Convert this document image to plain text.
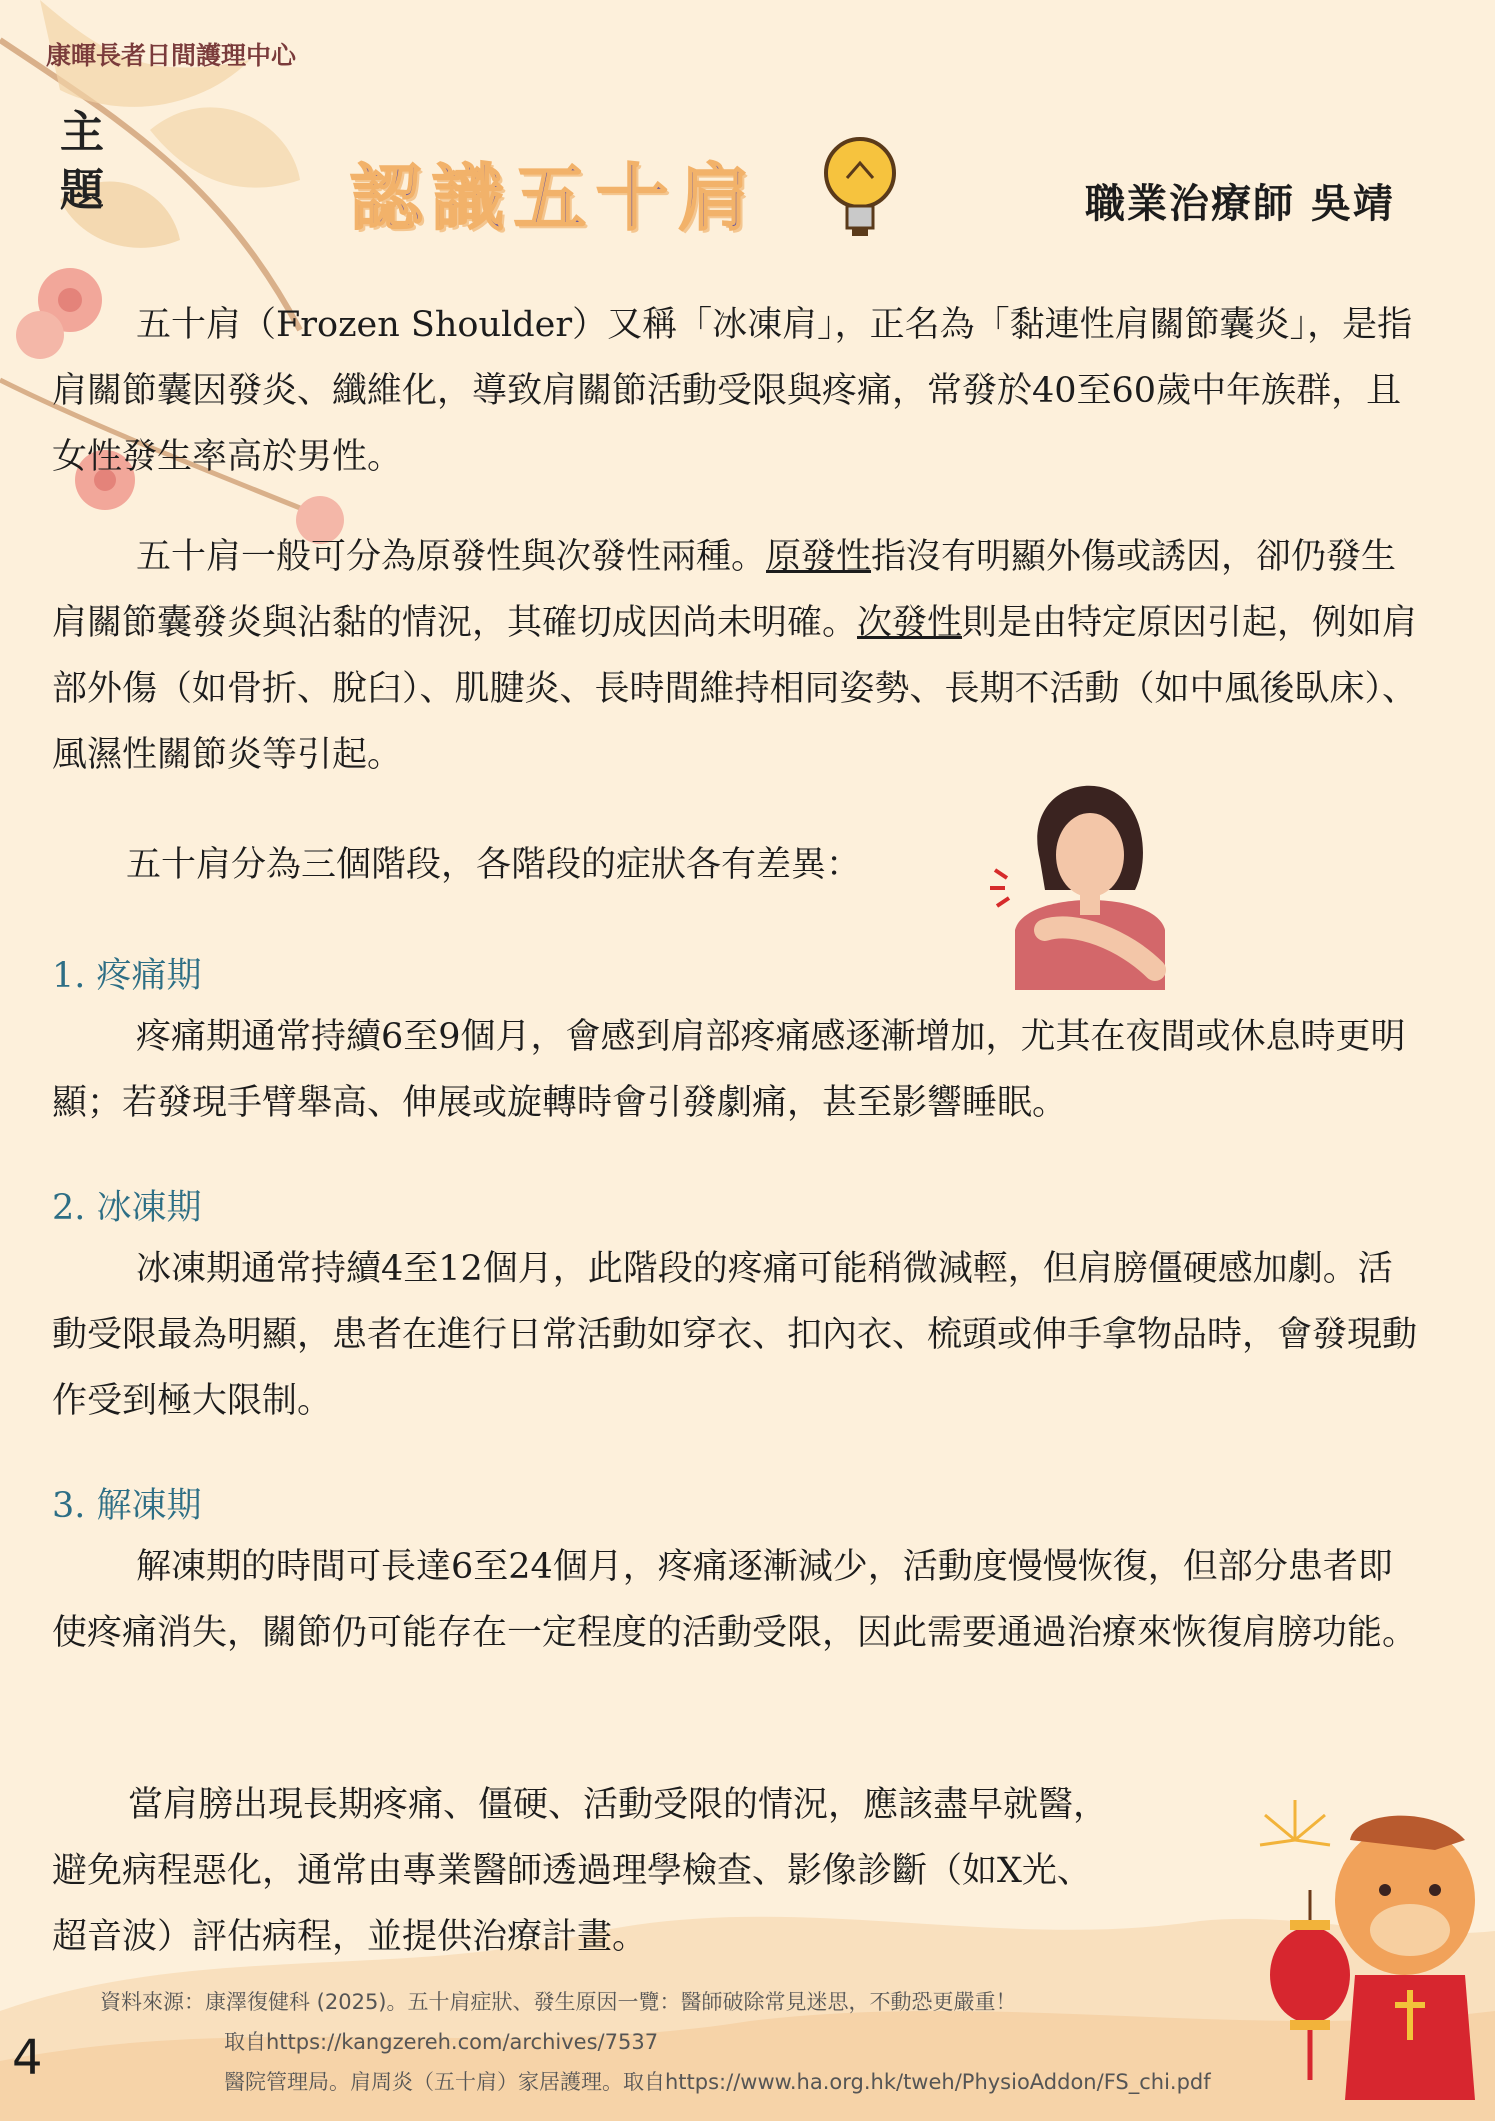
康暉長者日間護理中心
主題	認識五十肩	職業治療師 吳靖

五十肩（Frozen Shoulder）又稱「冰凍肩」，正名為「黏連性肩關節囊炎」，是指肩關節囊因發炎、纖維化，導致肩關節活動受限與疼痛，常發於40至60歲中年族群，且女性發生率高於男性。

五十肩一般可分為原發性與次發性兩種。原發性指沒有明顯外傷或誘因，卻仍發生肩關節囊發炎與沾黏的情況，其確切成因尚未明確。次發性則是由特定原因引起，例如肩部外傷（如骨折、脫臼）、肌腱炎、長時間維持相同姿勢、長期不活動（如中風後臥床）、風濕性關節炎等引起。

五十肩分為三個階段，各階段的症狀各有差異：

1. 疼痛期

疼痛期通常持續6至9個月，會感到肩部疼痛感逐漸增加，尤其在夜間或休息時更明顯；若發現手臂舉高、伸展或旋轉時會引發劇痛，甚至影響睡眠。

2. 冰凍期

冰凍期通常持續4至12個月，此階段的疼痛可能稍微減輕，但肩膀僵硬感加劇。活動受限最為明顯，患者在進行日常活動如穿衣、扣內衣、梳頭或伸手拿物品時，會發現動作受到極大限制。

3. 解凍期

解凍期的時間可長達6至24個月，疼痛逐漸減少，活動度慢慢恢復，但部分患者即使疼痛消失，關節仍可能存在一定程度的活動受限，因此需要通過治療來恢復肩膀功能。

當肩膀出現長期疼痛、僵硬、活動受限的情況，應該盡早就醫，
避免病程惡化，通常由專業醫師透過理學檢查、影像診斷（如X光、
超音波）評估病程，並提供治療計畫。
資料來源：康澤復健科 (2025)。五十肩症狀、發生原因一覽：醫師破除常見迷思，不動恐更嚴重！
取自https://kangzereh.com/archives/7537
醫院管理局。肩周炎（五十肩）家居護理。取自https://www.ha.org.hk/tweh/PhysioAddon/FS_chi.pdf
4
